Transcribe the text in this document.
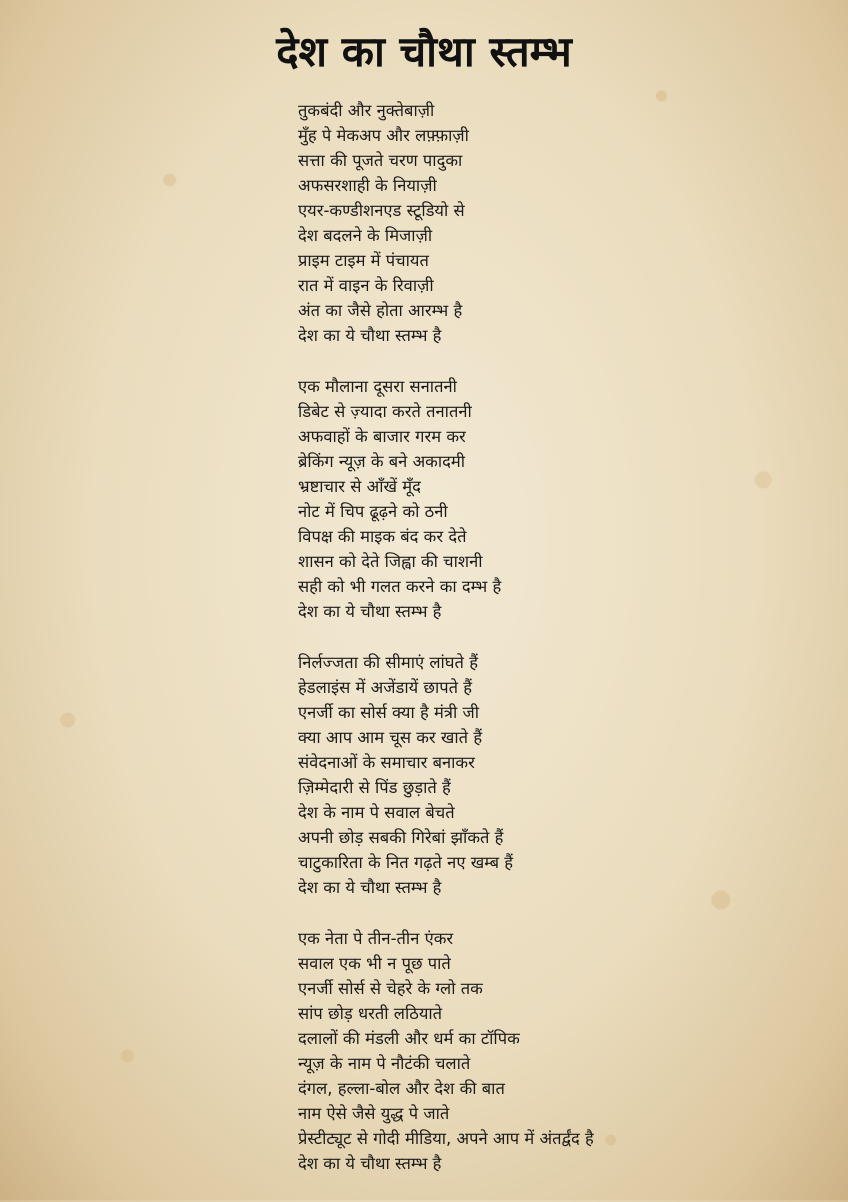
देश का चौथा स्तम्भ
तुकबंदी और नुक्तेबाज़ी
मुँह पे मेकअप और लफ़्फ़ाज़ी
सत्ता की पूजते चरण पादुका
अफसरशाही के नियाज़ी
एयर-कण्डीशनएड स्टूडियो से
देश बदलने के मिजाज़ी
प्राइम टाइम में पंचायत
रात में वाइन के रिवाज़ी
अंत का जैसे होता आरम्भ है
देश का ये चौथा स्तम्भ है
एक मौलाना दूसरा सनातनी
डिबेट से ज़्यादा करते तनातनी
अफवाहों के बाजार गरम कर
ब्रेकिंग न्यूज़ के बने अकादमी
भ्रष्टाचार से आँखें मूँद
नोट में चिप ढूढ़ने को ठनी
विपक्ष की माइक बंद कर देते
शासन को देते जिह्वा की चाशनी
सही को भी गलत करने का दम्भ है
देश का ये चौथा स्तम्भ है
निर्लज्जता की सीमाएं लांघते हैं
हेडलाइंस में अजेंडायें छापते हैं
एनर्जी का सोर्स क्या है मंत्री जी
क्या आप आम चूस कर खाते हैं
संवेदनाओं के समाचार बनाकर
ज़िम्मेदारी से पिंड छुड़ाते हैं
देश के नाम पे सवाल बेचते
अपनी छोड़ सबकी गिरेबां झाँकते हैं
चाटुकारिता के नित गढ़ते नए खम्ब हैं
देश का ये चौथा स्तम्भ है
एक नेता पे तीन-तीन एंकर
सवाल एक भी न पूछ पाते
एनर्जी सोर्स से चेहरे के ग्लो तक
सांप छोड़ धरती लठियाते
दलालों की मंडली और धर्म का टॉपिक
न्यूज़ के नाम पे नौटंकी चलाते
दंगल, हल्ला-बोल और देश की बात
नाम ऐसे जैसे युद्ध पे जाते
प्रेस्टीट्यूट से गोदी मीडिया, अपने आप में अंतर्द्वंद है
देश का ये चौथा स्तम्भ है
